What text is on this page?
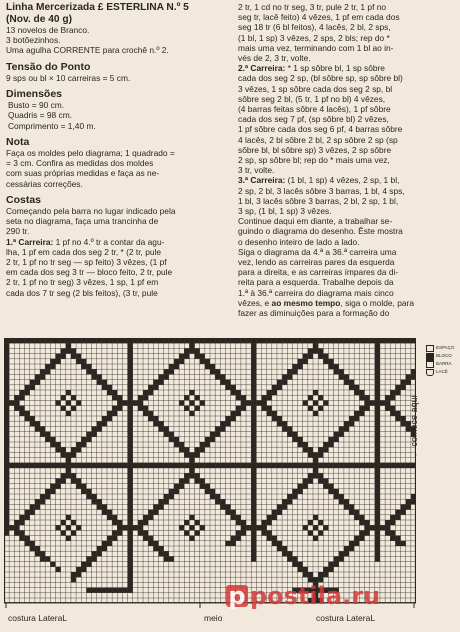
Linha Mercerizada £ ESTERLINA N.º 5
(Nov. de 40 g)
13 novelos de Branco.
3 botõezinhos.
Uma agulha CORRENTE para crochê n.º 2.
Tensão do Ponto
9 sps ou bl × 10 carreiras = 5 cm.
Dimensões
Busto = 90 cm.
Quadris = 98 cm.
Comprimento = 1,40 m.
Nota
Faça os moldes pelo diagrama; 1 quadrado =
= 3 cm. Confira as medidas dos moldes
com suas próprias medidas e faça as ne-
cessárias correções.
Costas
Começando pela barra no lugar indicado pela
seta no diagrama, faça uma trancinha de
290 tr.
1.ª Carreira: 1 pf no 4.º tr a contar da agu-
lha, 1 pf em cada dos seg 2 tr, * (2 tr, pule
2 tr, 1 pf no tr seg — sp feito) 3 vêzes, (1 pf
em cada dos seg 3 tr — bloco feito, 2 tr, pule
2 tr, 1 pf no tr seg) 3 vêzes, 1 sp, 1 pf em
cada dos 7 tr seg (2 bls feitos), (3 tr, pule
2 tr, 1 cd no tr seg, 3 tr, pule 2 tr, 1 pf no
seg tr, lacê feito) 4 vêzes, 1 pf em cada dos
seg 18 tr (6 bl feitos), 4 lacês, 2 bl, 2 sps,
(1 bl, 1 sp) 3 vêzes, 2 sps, 2 bls; rep do *
mais uma vez, terminando com 1 bl ao in-
vés de 2, 3 tr, volte.
2.ª Carreira: * 1 sp sôbre bl, 1 sp sôbre
cada dos seg 2 sp, (bl sôbre sp, sp sôbre bl)
3 vêzes, 1 sp sôbre cada dos seg 2 sp, bl
sôbre seg 2 bl, (5 tr, 1 pf no bl) 4 vêzes,
(4 barras feitas sôbre 4 lacês), 1 pf sôbre
cada dos seg 7 pf, (sp sôbre bl) 2 vêzes,
1 pf sôbre cada dos seg 6 pf, 4 barras sôbre
4 lacês, 2 bl sôbre 2 bl, 2 sp sôbre 2 sp (sp
sôbre bl, bl sôbre sp) 3 vêzes, 2 sp sôbre
2 sp, sp sôbre bl; rep do * mais uma vez,
3 tr, volte.
3.ª Carreira: (1 bl, 1 sp) 4 vêzes, 2 sp, 1 bl,
2 sp, 2 bl, 3 lacês sôbre 3 barras, 1 bl, 4 sps,
1 bl, 3 lacês sôbre 3 barras, 2 bl, 2 sp, 1 bl,
3 sp, (1 bl, 1 sp) 3 vêzes.
Continue daqui em diante, a trabalhar se-
guindo o diagrama do desenho. Êste mostra
o desenho inteiro de lado a lado.
Siga o diagrama da 4.ª a 36.ª carreira uma
vez, lendo as carreiras pares da esquerda
para a direita, e as carreiras ímpares da di-
reita para a esquerda. Trabalhe depois da
1.ª à 36.ª carreira do diagrama mais cinco
vêzes, e ao mesmo tempo, siga o molde, para
fazer as diminuições para a formação do
ESPAÇO
BLOCO
BARRA
LACÊ
← comece aqui
costura LateraL	meio	costura LateraL
p postila.ru
